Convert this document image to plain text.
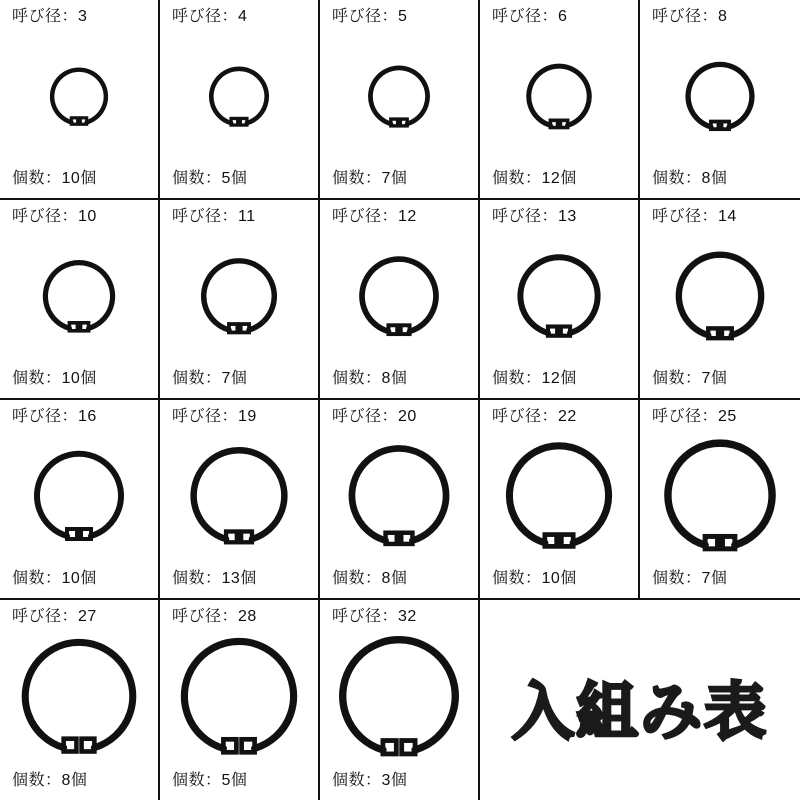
呼び径：3
個数：10個
呼び径：4
個数：5個
呼び径：5
個数：7個
呼び径：6
個数：12個
呼び径：8
個数：8個
呼び径：10
個数：10個
呼び径：11
個数：7個
呼び径：12
個数：8個
呼び径：13
個数：12個
呼び径：14
個数：7個
呼び径：16
個数：10個
呼び径：19
個数：13個
呼び径：20
個数：8個
呼び径：22
個数：10個
呼び径：25
個数：7個
呼び径：27
個数：8個
呼び径：28
個数：5個
呼び径：32
個数：3個
入組み表
